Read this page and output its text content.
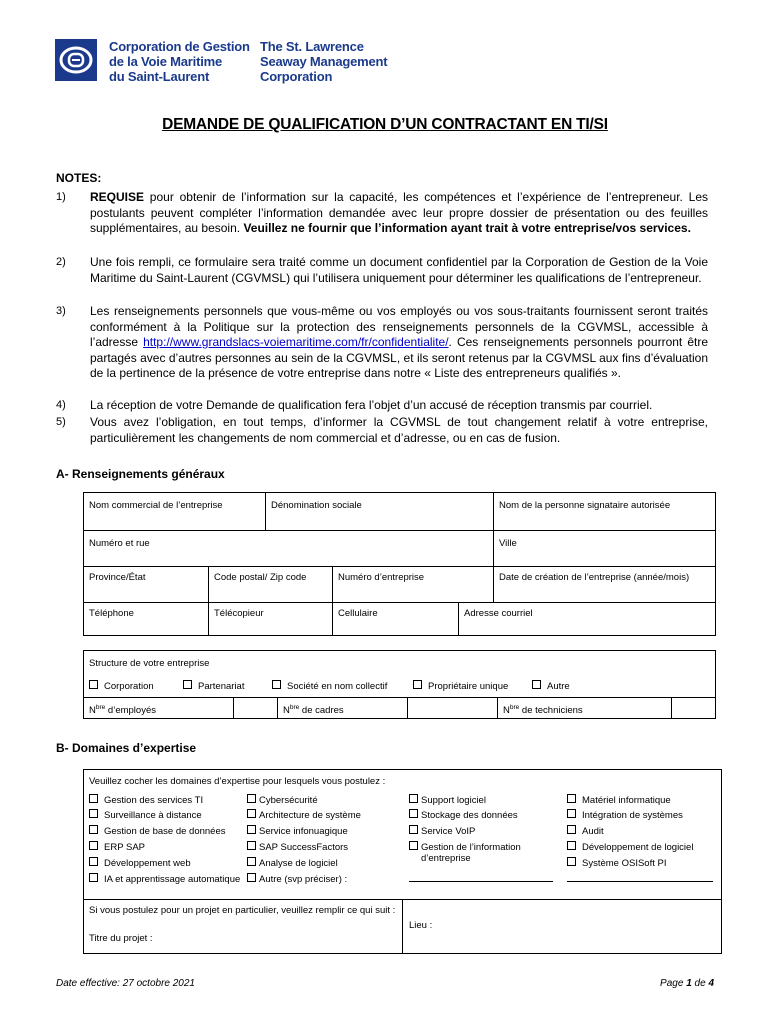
Corporation de Gestion
de la Voie Maritime
du Saint-Laurent
The St. Lawrence
Seaway Management
Corporation
DEMANDE DE QUALIFICATION D’UN CONTRACTANT EN TI/SI
NOTES:
1)	REQUISE pour obtenir de l’information sur la capacité, les compétences et l’expérience de l’entrepreneur. Les postulants peuvent compléter l’information demandée avec leur propre dossier de présentation ou des feuilles supplémentaires, au besoin. Veuillez ne fournir que l’information ayant trait à votre entreprise/vos services.
2)	Une fois rempli, ce formulaire sera traité comme un document confidentiel par la Corporation de Gestion de la Voie Maritime du Saint-Laurent (CGVMSL) qui l’utilisera uniquement pour déterminer les qualifications de l’entrepreneur.
3)	Les renseignements personnels que vous-même ou vos employés ou vos sous-traitants fournissent seront traités conformément à la Politique sur la protection des renseignements personnels de la CGVMSL, accessible à l’adresse http://www.grandslacs-voiemaritime.com/fr/confidentialite/. Ces renseignements personnels pourront être partagés avec d’autres personnes au sein de la CGVMSL, et ils seront retenus par la CGVMSL aux fins d’évaluation de la pertinence de la présence de votre entreprise dans notre « Liste des entrepreneurs qualifiés ».
4)	La réception de votre Demande de qualification fera l’objet d’un accusé de réception transmis par courriel.
5)	Vous avez l’obligation, en tout temps, d’informer la CGVMSL de tout changement relatif à votre entreprise, particulièrement les changements de nom commercial et d’adresse, ou en cas de fusion.
A- Renseignements généraux
Nom commercial de l’entreprise	Dénomination sociale	Nom de la personne signataire autorisée
Numéro et rue	Ville
Province/État	Code postal/ Zip code	Numéro d’entreprise	Date de création de l’entreprise (année/mois)
Téléphone	Télécopieur	Cellulaire	Adresse courriel
Structure de votre entreprise
Corporation	Partenariat	Société en nom collectif	Propriétaire unique	Autre
$N^{bre}$ d’employés	$N^{bre}$ de cadres	$N^{bre}$ de techniciens
B- Domaines d’expertise
Veuillez cocher les domaines d’expertise pour lesquels vous postulez :
Gestion des services TI
Surveillance à distance
Gestion de base de données
ERP SAP
Développement web
IA et apprentissage automatique
Cybersécurité
Architecture de système
Service infonuagique
SAP SuccessFactors
Analyse de logiciel
Autre (svp préciser) :
Support logiciel
Stockage des données
Service VoIP
Gestion de l’information d’entreprise
Matériel informatique
Intégration de systèmes
Audit
Développement de logiciel
Système OSISoft PI
Si vous postulez pour un projet en particulier, veuillez remplir ce qui suit :
Titre du projet :
Lieu :
Date effective: 27 octobre 2021	Page 1 de 4
